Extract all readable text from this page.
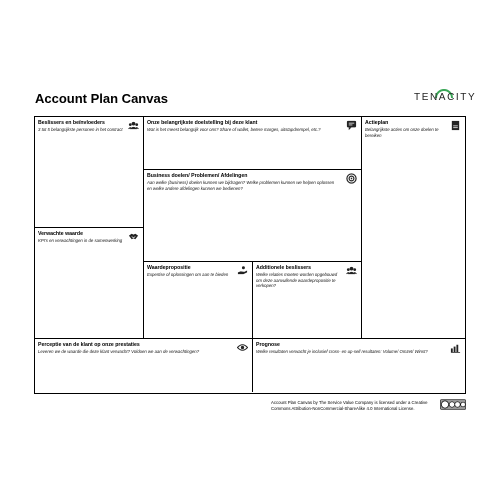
Account Plan Canvas	TENACITY
Beslissers en beïnvloeders
3 tot 5 belangrijkste personen in het contract
Onze belangrijkste doelstelling bij deze klant
Wat is het meest belangrijk voor ons? Share of wallet, betere marges, uitstapdrempel, etc.?
Actieplan
Belangrijkste acties om onze doelen te bereiken
Business doelen/ Problemen/ Afdelingen
Aan welke (business) doelen kunnen we bijdragen? Welke problemen kunnen we helpen oplossen en welke andere afdelingen kunnen we bedienen?
Verwachte waarde
KPI's en verwachtingen in de samenwerking
Waardepropositie
Expertise of oplossingen om aan te bieden
Additionele beslissers
Welke relaties moeten worden opgebouwd om deze aanvullende waardepropositie te verkopen?
Perceptie van de klant op onze prestaties
Leveren we de waarde die deze klant verwacht? Voldoen we aan de verwachtingen?
Prognose
Welke resultaten verwacht je inclusief cross- en up-sell resultaten: Volume/ Omzet/ Winst?
Account Plan Canvas by The Service Value Company is licensed under a Creative Commons Attribution-NonCommercial-ShareAlike 4.0 International License.
